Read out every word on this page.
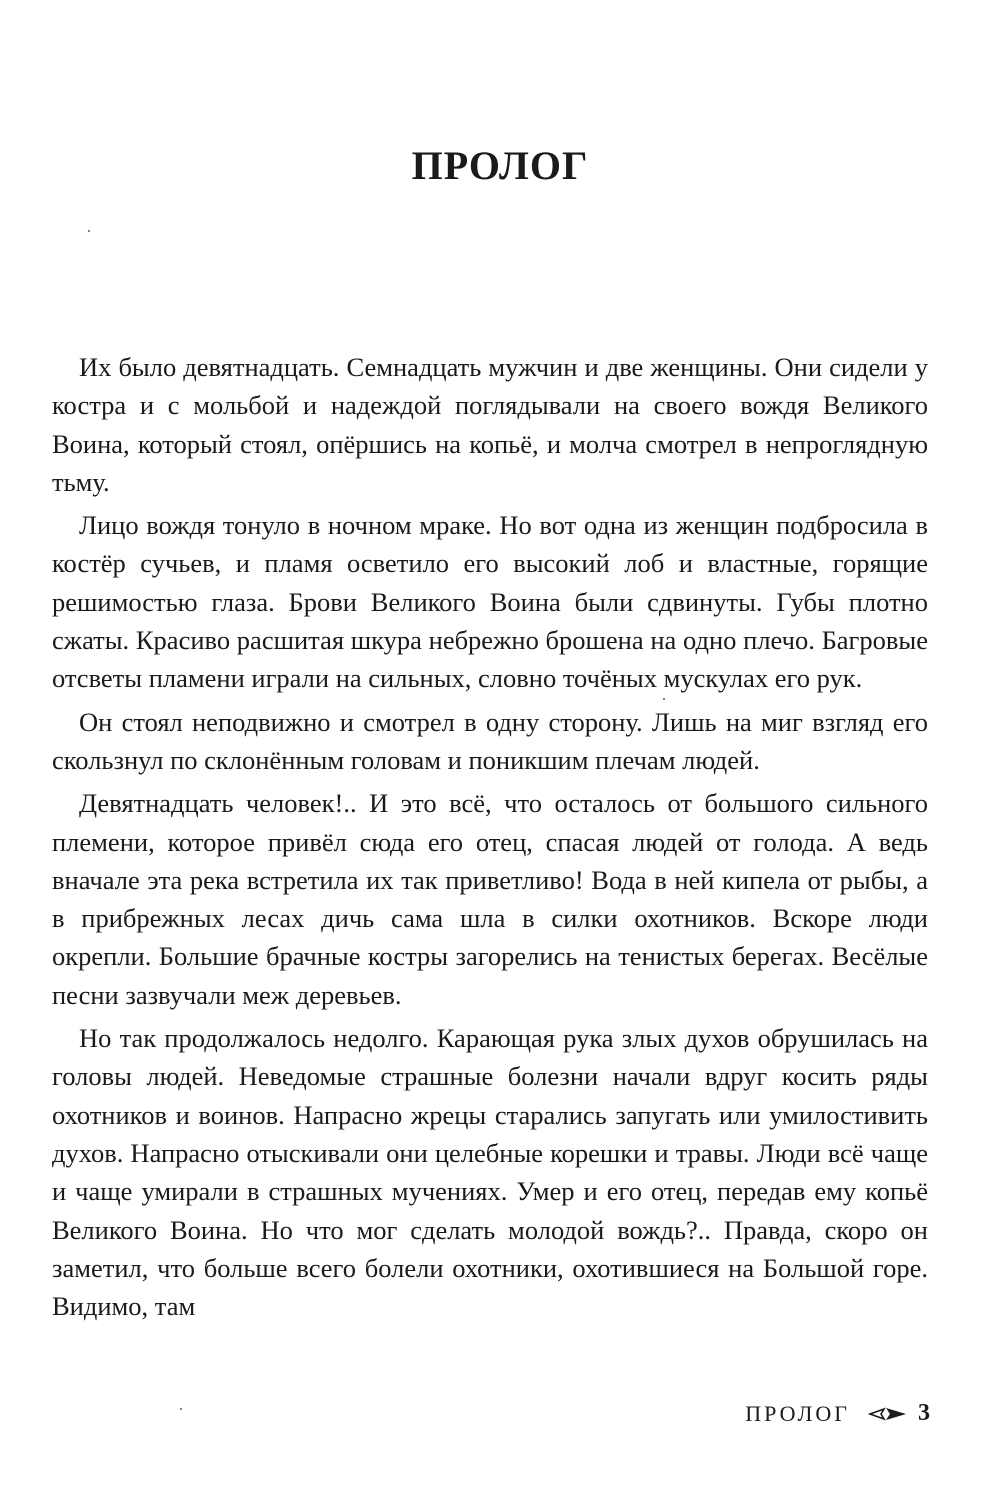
ПРОЛОГ

Их было девятнадцать. Семнадцать мужчин и две женщины. Они сидели у костра и с мольбой и надеждой поглядывали на своего вождя Великого Воина, который стоял, опёршись на копьё, и молча смотрел в непроглядную тьму.

Лицо вождя тонуло в ночном мраке. Но вот одна из женщин подбросила в костёр сучьев, и пламя осветило его высокий лоб и властные, горящие решимостью глаза. Брови Великого Воина были сдвинуты. Губы плотно сжаты. Красиво расшитая шкура небрежно брошена на одно плечо. Багровые отсветы пламени играли на сильных, словно точёных мускулах его рук.

Он стоял неподвижно и смотрел в одну сторону. Лишь на миг взгляд его скользнул по склонённым головам и поникшим плечам людей.

Девятнадцать человек!.. И это всё, что осталось от большого сильного племени, которое привёл сюда его отец, спасая людей от голода. А ведь вначале эта река встретила их так приветливо! Вода в ней кипела от рыбы, а в прибрежных лесах дичь сама шла в силки охотников. Вскоре люди окрепли. Большие брачные костры загорелись на тенистых берегах. Весёлые песни зазвучали меж деревьев.

Но так продолжалось недолго. Карающая рука злых духов обрушилась на головы людей. Неведомые страшные болезни начали вдруг косить ряды охотников и воинов. Напрасно жрецы старались запугать или умилостивить духов. Напрасно отыскивали они целебные корешки и травы. Люди всё чаще и чаще умирали в страшных мучениях. Умер и его отец, передав ему копьё Великого Воина. Но что мог сделать молодой вождь?.. Правда, скоро он заметил, что больше всего болели охотники, охотившиеся на Большой горе. Видимо, там

ПРОЛОГ	3
